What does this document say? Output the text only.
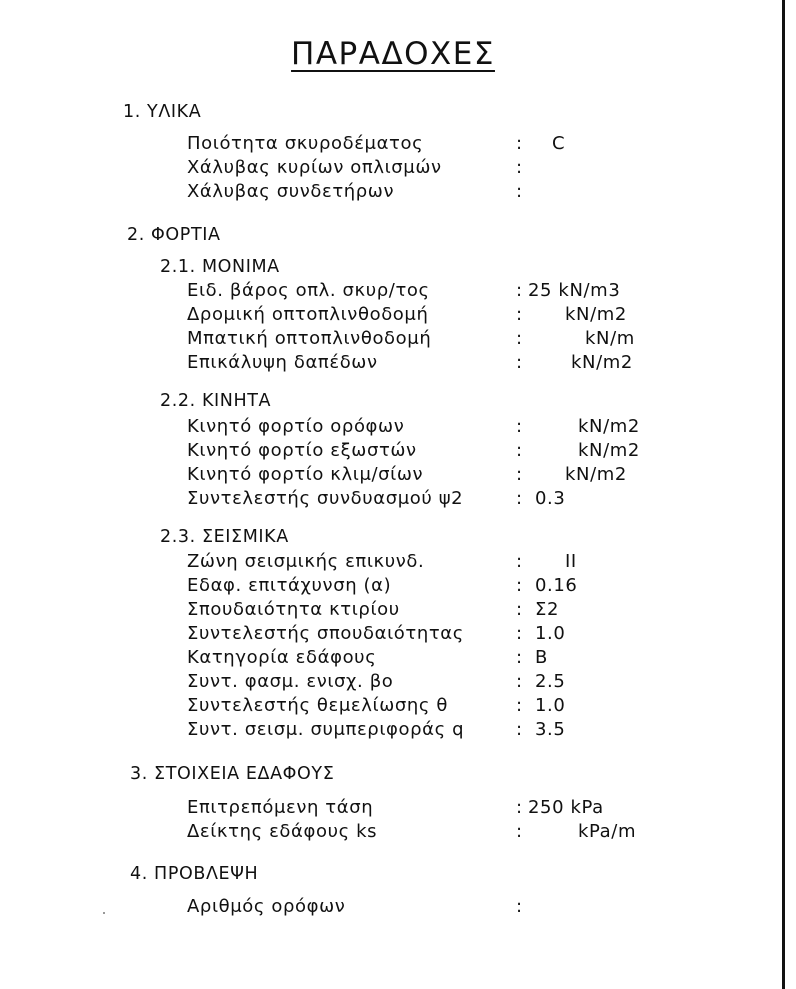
ΠΑΡΑΔΟΧΕΣ
1. ΥΛΙΚΑ
Ποιότητα σκυροδέματος	: C
Χάλυβας κυρίων οπλισμών	:
Χάλυβας συνδετήρων	:
2. ΦΟΡΤΙΑ
2.1. ΜΟΝΙΜΑ
Ειδ. βάρος οπλ. σκυρ/τος	: 25 kN/m3
Δρομική οπτοπλινθοδομή	: kN/m2
Μπατική οπτοπλινθοδομή	:	kN/m
Επικάλυψη δαπέδων	:	kN/m2
2.2. ΚΙΝΗΤΑ
Κινητό φορτίο ορόφων	:	kN/m2
Κινητό φορτίο εξωστών	:	kN/m2
Κινητό φορτίο κλιμ/σίων	: kN/m2
Συντελεστής συνδυασμού ψ2	: 0.3
2.3. ΣΕΙΣΜΙΚΑ
Ζώνη σεισμικής επικυνδ.	: II
Εδαφ. επιτάχυνση (α)	: 0.16
Σπουδαιότητα κτιρίου	: Σ2
Συντελεστής σπουδαιότητας	: 1.0
Κατηγορία εδάφους	: Β
Συντ. φασμ. ενισχ. βο	: 2.5
Συντελεστής θεμελίωσης θ	: 1.0
Συντ. σεισμ. συμπεριφοράς q	: 3.5
3. ΣΤΟΙΧΕΙΑ ΕΔΑΦΟΥΣ
Επιτρεπόμενη τάση	: 250 kPa
Δείκτης εδάφους ks	:	kPa/m
4. ΠΡΟΒΛΕΨΗ
Αριθμός ορόφων	:
